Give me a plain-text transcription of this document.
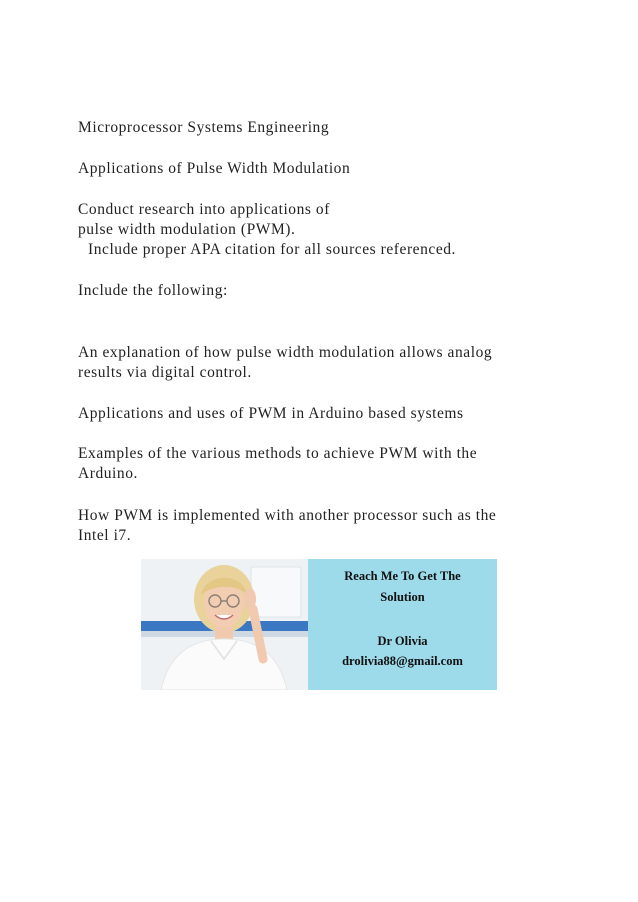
Microprocessor Systems Engineering
Applications of Pulse Width Modulation
Conduct research into applications of
pulse width modulation (PWM).
Include proper APA citation for all sources referenced.
Include the following:
An explanation of how pulse width modulation allows analog
results via digital control.
Applications and uses of PWM in Arduino based systems
Examples of the various methods to achieve PWM with the
Arduino.
How PWM is implemented with another processor such as the
Intel i7.
Reach Me To Get The
Solution
Dr Olivia
drolivia88@gmail.com
